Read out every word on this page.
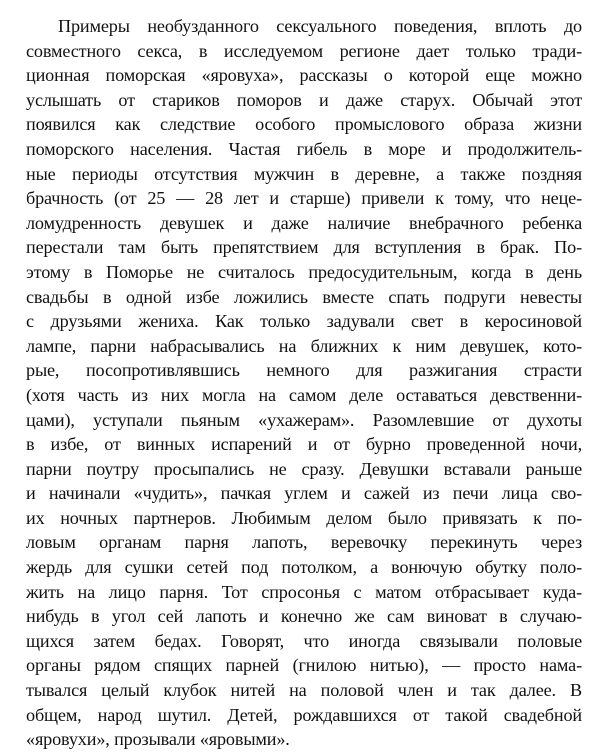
Примеры необузданного сексуального поведения, вплоть до
совместного секса, в исследуемом регионе дает только тради-
ционная поморская «яровуха», рассказы о которой еще можно
услышать от стариков поморов и даже старух. Обычай этот
появился как следствие особого промыслового образа жизни
поморского населения. Частая гибель в море и продолжитель-
ные периоды отсутствия мужчин в деревне, а также поздняя
брачность (от 25 — 28 лет и старше) привели к тому, что неце-
ломудренность девушек и даже наличие внебрачного ребенка
перестали там быть препятствием для вступления в брак. По-
этому в Поморье не считалось предосудительным, когда в день
свадьбы в одной избе ложились вместе спать подруги невесты
с друзьями жениха. Как только задували свет в керосиновой
лампе, парни набрасывались на ближних к ним девушек, кото-
рые, посопротивлявшись немного для разжигания страсти
(хотя часть из них могла на самом деле оставаться девственни-
цами), уступали пьяным «ухажерам». Разомлевшие от духоты
в избе, от винных испарений и от бурно проведенной ночи,
парни поутру просыпались не сразу. Девушки вставали раньше
и начинали «чудить», пачкая углем и сажей из печи лица сво-
их ночных партнеров. Любимым делом было привязать к по-
ловым органам парня лапоть, веревочку перекинуть через
жердь для сушки сетей под потолком, а вонючую обутку поло-
жить на лицо парня. Тот спросонья с матом отбрасывает куда-
нибудь в угол сей лапоть и конечно же сам виноват в случаю-
щихся затем бедах. Говорят, что иногда связывали половые
органы рядом спящих парней (гнилою нитью), — просто нама-
тывался целый клубок нитей на половой член и так далее. В
общем, народ шутил. Детей, рождавшихся от такой свадебной
«яровухи», прозывали «яровыми».
